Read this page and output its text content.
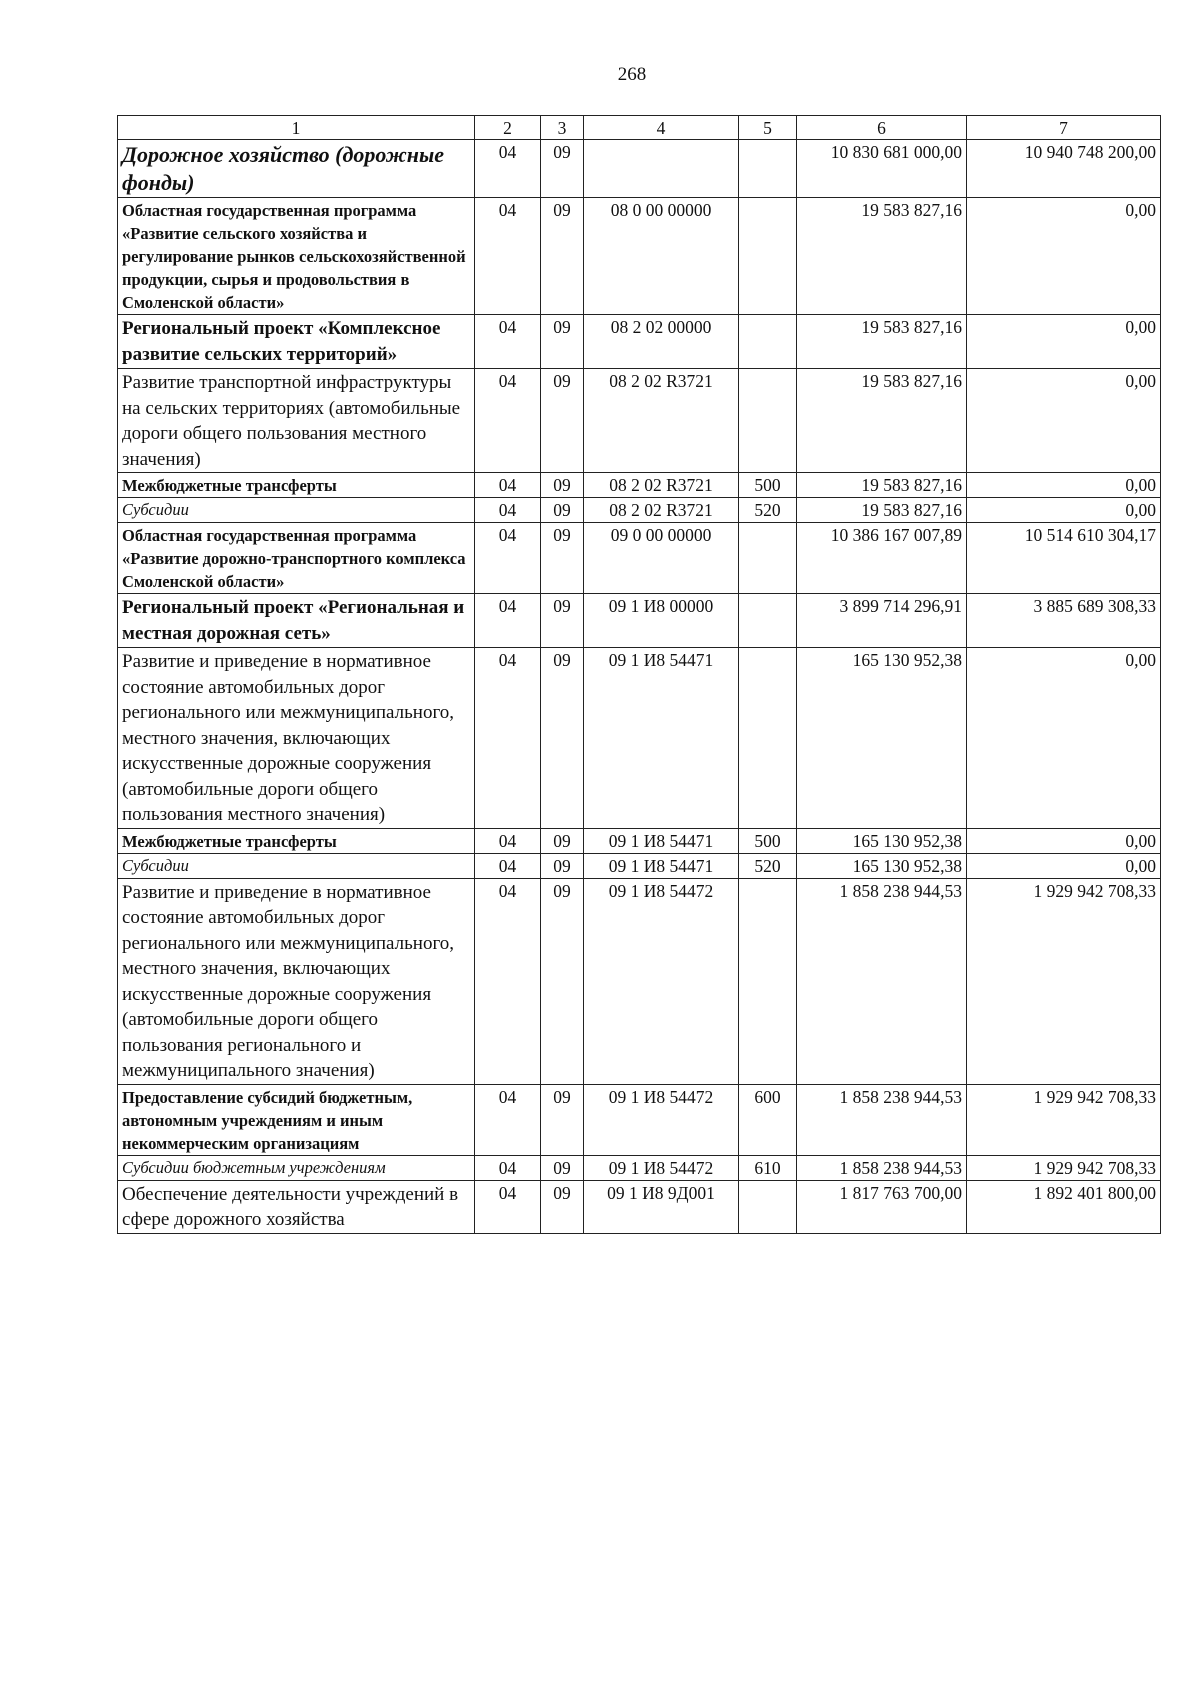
268
1	2	3	4	5	6	7
Дорожное хозяйство (дорожные фонды)	04	09			10 830 681 000,00	10 940 748 200,00
Областная государственная программа «Развитие сельского хозяйства и регулирование рынков сельскохозяйственной продукции, сырья и продовольствия в Смоленской области»	04	09	08 0 00 00000		19 583 827,16	0,00
Региональный проект «Комплексное развитие сельских территорий»	04	09	08 2 02 00000		19 583 827,16	0,00
Развитие транспортной инфраструктуры на сельских территориях (автомобильные дороги общего пользования местного значения)	04	09	08 2 02 R3721		19 583 827,16	0,00
Межбюджетные трансферты	04	09	08 2 02 R3721	500	19 583 827,16	0,00
Субсидии	04	09	08 2 02 R3721	520	19 583 827,16	0,00
Областная государственная программа «Развитие дорожно-транспортного комплекса Смоленской области»	04	09	09 0 00 00000		10 386 167 007,89	10 514 610 304,17
Региональный проект «Региональная и местная дорожная сеть»	04	09	09 1 И8 00000		3 899 714 296,91	3 885 689 308,33
Развитие и приведение в нормативное состояние автомобильных дорог регионального или межмуниципального, местного значения, включающих искусственные дорожные сооружения (автомобильные дороги общего пользования местного значения)	04	09	09 1 И8 54471		165 130 952,38	0,00
Межбюджетные трансферты	04	09	09 1 И8 54471	500	165 130 952,38	0,00
Субсидии	04	09	09 1 И8 54471	520	165 130 952,38	0,00
Развитие и приведение в нормативное состояние автомобильных дорог регионального или межмуниципального, местного значения, включающих искусственные дорожные сооружения (автомобильные дороги общего пользования регионального и межмуниципального значения)	04	09	09 1 И8 54472		1 858 238 944,53	1 929 942 708,33
Предоставление субсидий бюджетным, автономным учреждениям и иным некоммерческим организациям	04	09	09 1 И8 54472	600	1 858 238 944,53	1 929 942 708,33
Субсидии бюджетным учреждениям	04	09	09 1 И8 54472	610	1 858 238 944,53	1 929 942 708,33
Обеспечение деятельности учреждений в сфере дорожного хозяйства	04	09	09 1 И8 9Д001		1 817 763 700,00	1 892 401 800,00
